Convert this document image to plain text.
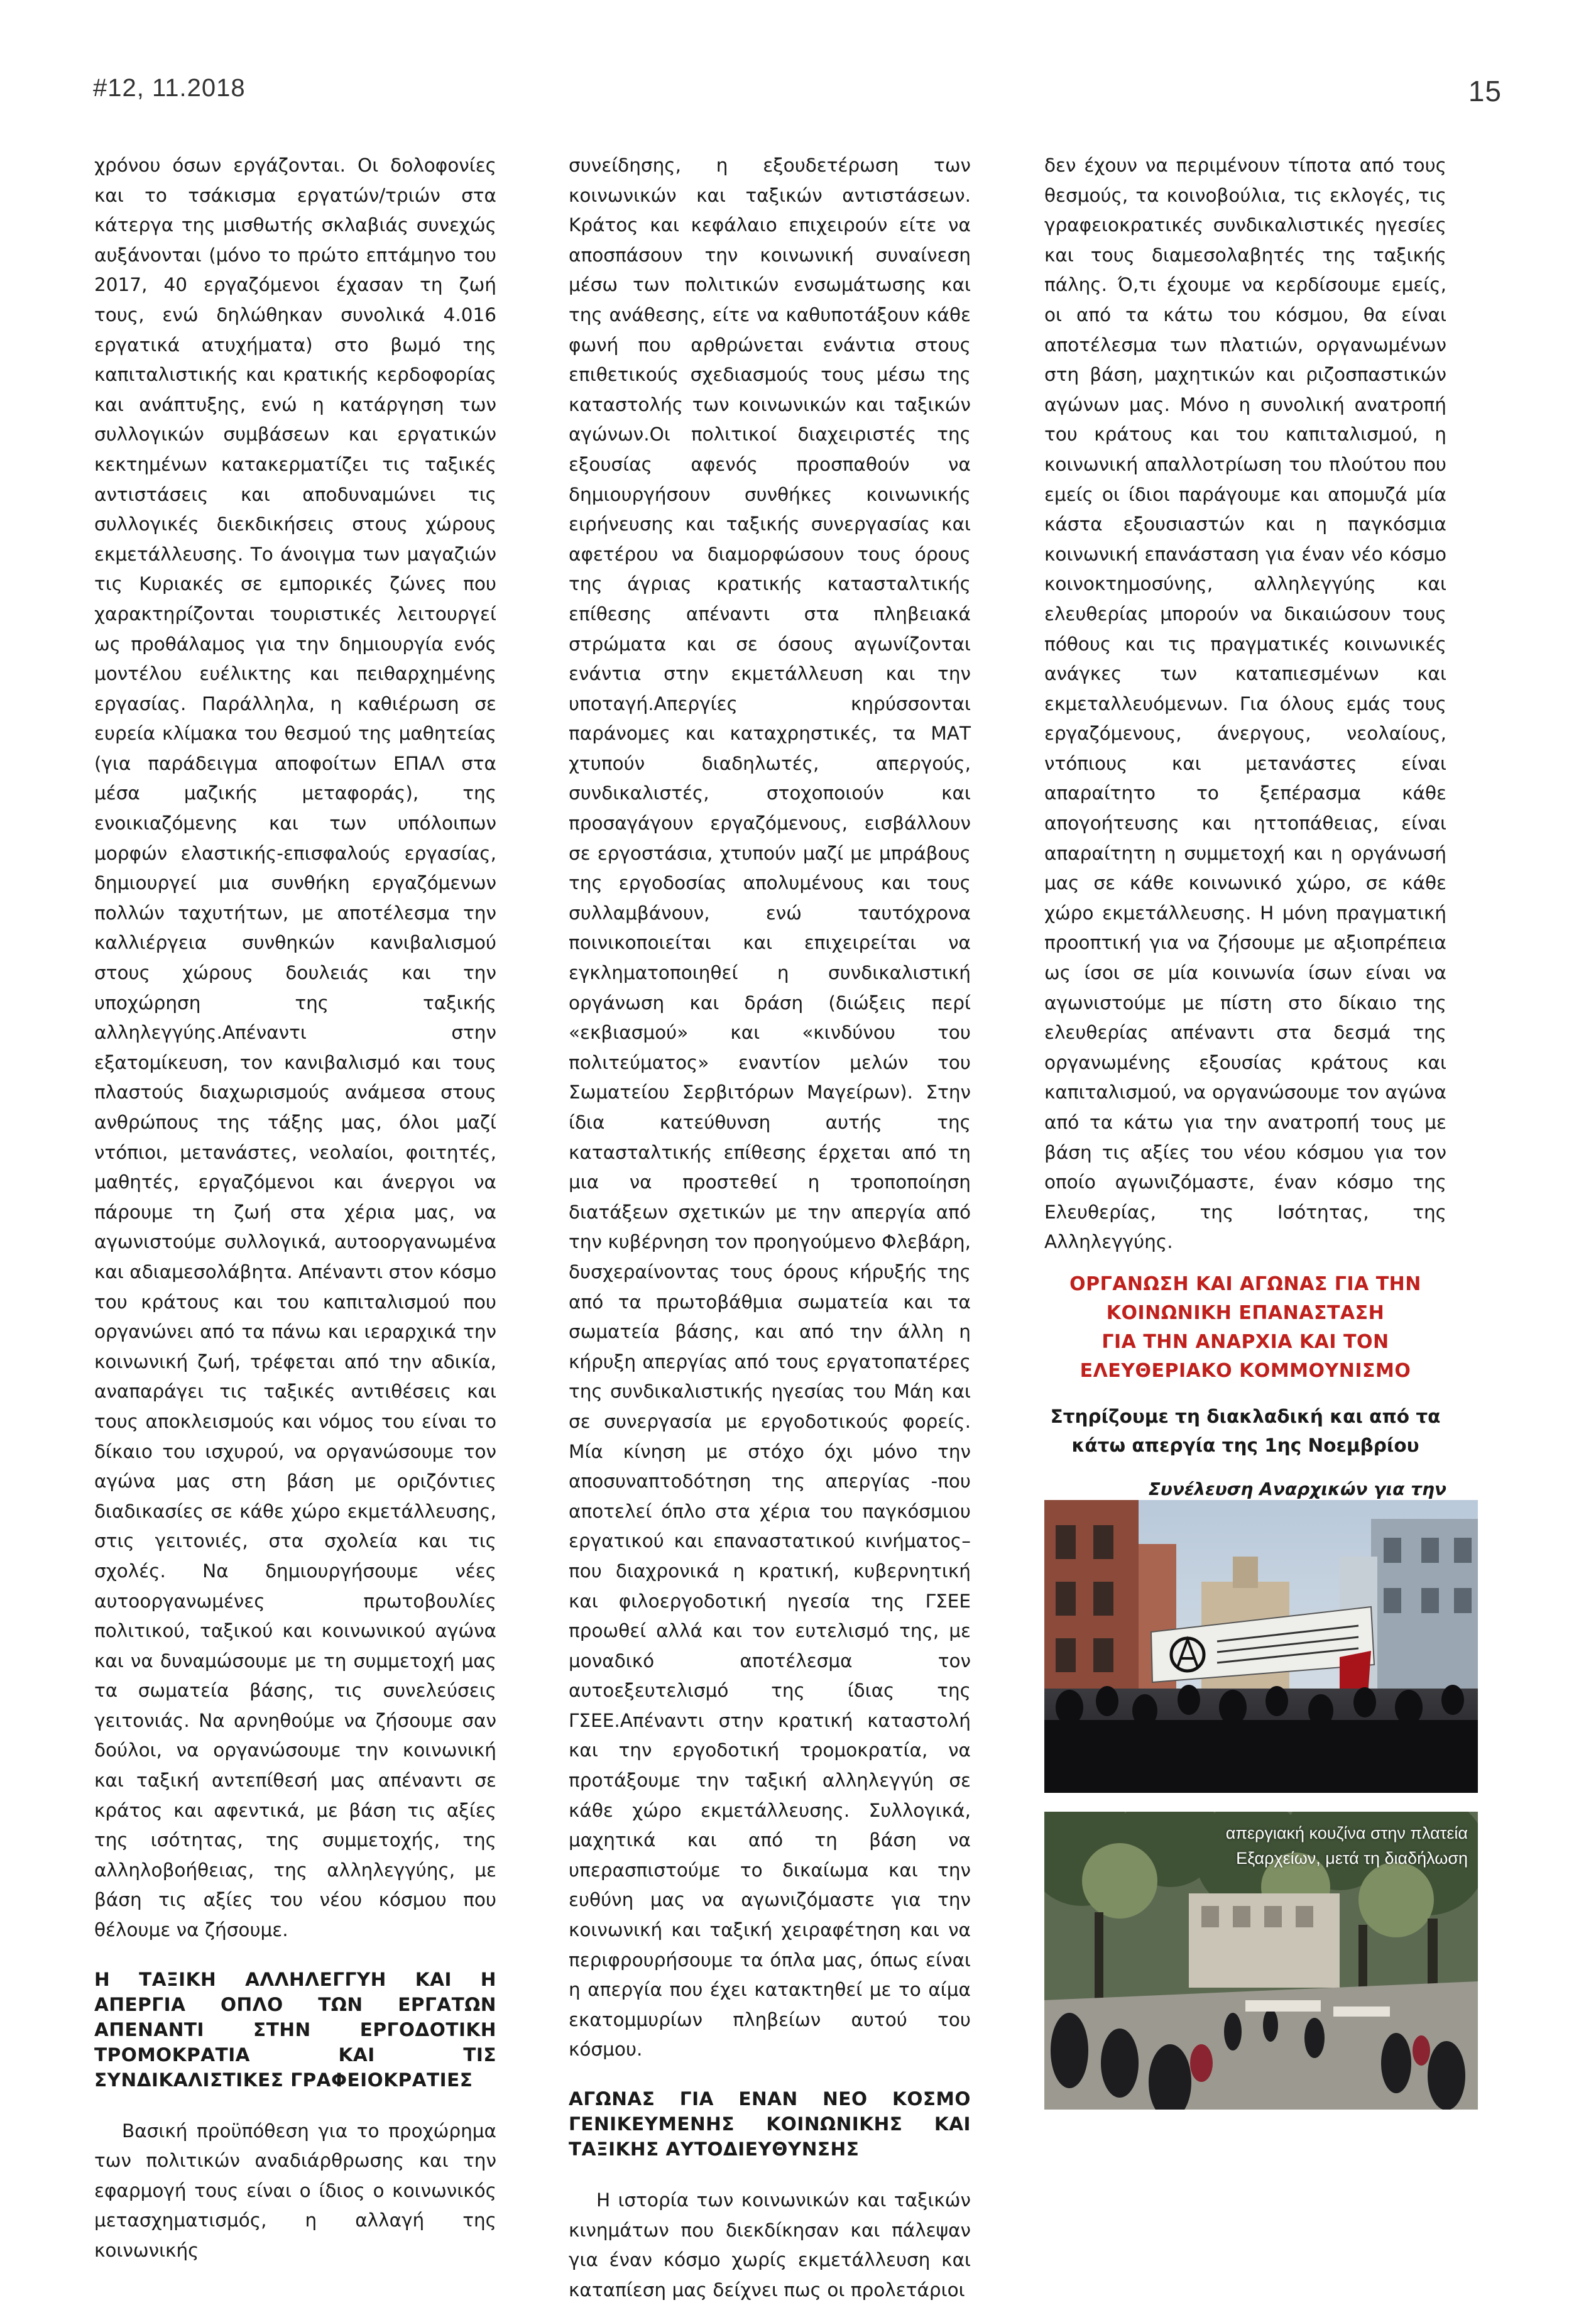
#12, 11.2018	15

χρόνου όσων εργάζονται. Οι δολοφονίες και το τσάκισμα εργατών/τριών στα κάτεργα της μισθωτής σκλαβιάς συνεχώς αυξάνονται (μόνο το πρώτο επτάμηνο του 2017, 40 εργαζόμενοι έχασαν τη ζωή τους, ενώ δηλώθηκαν συνολικά 4.016 εργατικά ατυχήματα) στο βωμό της καπιταλιστικής και κρατικής κερδοφορίας και ανάπτυξης, ενώ η κατάργηση των συλλογικών συμβάσεων και εργατικών κεκτημένων κατακερματίζει τις ταξικές αντιστάσεις και αποδυναμώνει τις συλλογικές διεκδικήσεις στους χώρους εκμετάλλευσης. Το άνοιγμα των μαγαζιών τις Κυριακές σε εμπορικές ζώνες που χαρακτηρίζονται τουριστικές λειτουργεί ως προθάλαμος για την δημιουργία ενός μοντέλου ευέλικτης και πειθαρχημένης εργασίας. Παράλληλα, η καθιέρωση σε ευρεία κλίμακα του θεσμού της μαθητείας (για παράδειγμα αποφοίτων ΕΠΑΛ στα μέσα μαζικής μεταφοράς), της ενοικιαζόμενης και των υπόλοιπων μορφών ελαστικής-επισφαλούς εργασίας, δημιουργεί μια συνθήκη εργαζόμενων πολλών ταχυτήτων, με αποτέλεσμα την καλλιέργεια συνθηκών κανιβαλισμού στους χώρους δουλειάς και την υποχώρηση της ταξικής αλληλεγγύης.Απέναντι στην εξατομίκευση, τον κανιβαλισμό και τους πλαστούς διαχωρισμούς ανάμεσα στους ανθρώπους της τάξης μας, όλοι μαζί ντόπιοι, μετανάστες, νεολαίοι, φοιτητές, μαθητές, εργαζόμενοι και άνεργοι να πάρουμε τη ζωή στα χέρια μας, να αγωνιστούμε συλλογικά, αυτοοργανωμένα και αδιαμεσολάβητα. Απέναντι στον κόσμο του κράτους και του καπιταλισμού που οργανώνει από τα πάνω και ιεραρχικά την κοινωνική ζωή, τρέφεται από την αδικία, αναπαράγει τις ταξικές αντιθέσεις και τους αποκλεισμούς και νόμος του είναι το δίκαιο του ισχυρού, να οργανώσουμε τον αγώνα μας στη βάση με οριζόντιες διαδικασίες σε κάθε χώρο εκμετάλλευσης, στις γειτονιές, στα σχολεία και τις σχολές. Να δημιουργήσουμε νέες αυτοοργανωμένες πρωτοβουλίες πολιτικού, ταξικού και κοινωνικού αγώνα και να δυναμώσουμε με τη συμμετοχή μας τα σωματεία βάσης, τις συνελεύσεις γειτονιάς. Να αρνηθούμε να ζήσουμε σαν δούλοι, να οργανώσουμε την κοινωνική και ταξική αντεπίθεσή μας απέναντι σε κράτος και αφεντικά, με βάση τις αξίες της ισότητας, της συμμετοχής, της αλληλοβοήθειας, της αλληλεγγύης, με βάση τις αξίες του νέου κόσμου που θέλουμε να ζήσουμε.

Η ΤΑΞΙΚΗ ΑΛΛΗΛΕΓΓΥΗ ΚΑΙ Η ΑΠΕΡΓΙΑ ΟΠΛΟ ΤΩΝ ΕΡΓΑΤΩΝ ΑΠΕΝΑΝΤΙ ΣΤΗΝ ΕΡΓΟΔΟΤΙΚΗ ΤΡΟΜΟΚΡΑΤΙΑ ΚΑΙ ΤΙΣ ΣΥΝΔΙΚΑΛΙΣΤΙΚΕΣ ΓΡΑΦΕΙΟΚΡΑΤΙΕΣ

Βασική προϋπόθεση για το προχώρημα των πολιτικών αναδιάρθρωσης και την εφαρμογή τους είναι ο ίδιος ο κοινωνικός μετασχηματισμός, η αλλαγή της κοινωνικής

συνείδησης, η εξουδετέρωση των κοινωνικών και ταξικών αντιστάσεων. Κράτος και κεφάλαιο επιχειρούν είτε να αποσπάσουν την κοινωνική συναίνεση μέσω των πολιτικών ενσωμάτωσης και της ανάθεσης, είτε να καθυποτάξουν κάθε φωνή που αρθρώνεται ενάντια στους επιθετικούς σχεδιασμούς τους μέσω της καταστολής των κοινωνικών και ταξικών αγώνων.Οι πολιτικοί διαχειριστές της εξουσίας αφενός προσπαθούν να δημιουργήσουν συνθήκες κοινωνικής ειρήνευσης και ταξικής συνεργασίας και αφετέρου να διαμορφώσουν τους όρους της άγριας κρατικής κατασταλτικής επίθεσης απέναντι στα πληβειακά στρώματα και σε όσους αγωνίζονται ενάντια στην εκμετάλλευση και την υποταγή.Απεργίες κηρύσσονται παράνομες και καταχρηστικές, τα ΜΑΤ χτυπούν διαδηλωτές, απεργούς, συνδικαλιστές, στοχοποιούν και προσαγάγουν εργαζόμενους, εισβάλλουν σε εργοστάσια, χτυπούν μαζί με μπράβους της εργοδοσίας απολυμένους και τους συλλαμβάνουν, ενώ ταυτόχρονα ποινικοποιείται και επιχειρείται να εγκληματοποιηθεί η συνδικαλιστική οργάνωση και δράση (διώξεις περί «εκβιασμού» και «κινδύνου του πολιτεύματος» εναντίον μελών του Σωματείου Σερβιτόρων Μαγείρων). Στην ίδια κατεύθυνση αυτής της κατασταλτικής επίθεσης έρχεται από τη μια να προστεθεί η τροποποίηση διατάξεων σχετικών με την απεργία από την κυβέρνηση τον προηγούμενο Φλεβάρη, δυσχεραίνοντας τους όρους κήρυξής της από τα πρωτοβάθμια σωματεία και τα σωματεία βάσης, και από την άλλη η κήρυξη απεργίας από τους εργατοπατέρες της συνδικαλιστικής ηγεσίας του Μάη και σε συνεργασία με εργοδοτικούς φορείς. Μία κίνηση με στόχο όχι μόνο την αποσυναπτοδότηση της απεργίας -που αποτελεί όπλο στα χέρια του παγκόσμιου εργατικού και επαναστατικού κινήματος– που διαχρονικά η κρατική, κυβερνητική και φιλοεργοδοτική ηγεσία της ΓΣΕΕ προωθεί αλλά και τον ευτελισμό της, με μοναδικό αποτέλεσμα τον αυτοεξευτελισμό της ίδιας της ΓΣΕΕ.Απέναντι στην κρατική καταστολή και την εργοδοτική τρομοκρατία, να προτάξουμε την ταξική αλληλεγγύη σε κάθε χώρο εκμετάλλευσης. Συλλογικά, μαχητικά και από τη βάση να υπερασπιστούμε το δικαίωμα και την ευθύνη μας να αγωνιζόμαστε για την κοινωνική και ταξική χειραφέτηση και να περιφρουρήσουμε τα όπλα μας, όπως είναι η απεργία που έχει κατακτηθεί με το αίμα εκατομμυρίων πληβείων αυτού του κόσμου.

ΑΓΩΝΑΣ ΓΙΑ ΕΝΑΝ ΝΕΟ ΚΟΣΜΟ ΓΕΝΙΚΕΥΜΕΝΗΣ ΚΟΙΝΩΝΙΚΗΣ ΚΑΙ ΤΑΞΙΚΗΣ ΑΥΤΟΔΙΕΥΘΥΝΣΗΣ

Η ιστορία των κοινωνικών και ταξικών κινημάτων που διεκδίκησαν και πάλεψαν για έναν κόσμο χωρίς εκμετάλλευση και καταπίεση μας δείχνει πως οι προλετάριοι

δεν έχουν να περιμένουν τίποτα από τους θεσμούς, τα κοινοβούλια, τις εκλογές, τις γραφειοκρατικές συνδικαλιστικές ηγεσίες και τους διαμεσολαβητές της ταξικής πάλης. Ό,τι έχουμε να κερδίσουμε εμείς, οι από τα κάτω του κόσμου, θα είναι αποτέλεσμα των πλατιών, οργανωμένων στη βάση, μαχητικών και ριζοσπαστικών αγώνων μας. Μόνο η συνολική ανατροπή του κράτους και του καπιταλισμού, η κοινωνική απαλλοτρίωση του πλούτου που εμείς οι ίδιοι παράγουμε και απομυζά μία κάστα εξουσιαστών και η παγκόσμια κοινωνική επανάσταση για έναν νέο κόσμο κοινοκτημοσύνης, αλληλεγγύης και ελευθερίας μπορούν να δικαιώσουν τους πόθους και τις πραγματικές κοινωνικές ανάγκες των καταπιεσμένων και εκμεταλλευόμενων. Για όλους εμάς τους εργαζόμενους, άνεργους, νεολαίους, ντόπιους και μετανάστες είναι απαραίτητο το ξεπέρασμα κάθε απογοήτευσης και ηττοπάθειας, είναι απαραίτητη η συμμετοχή και η οργάνωσή μας σε κάθε κοινωνικό χώρο, σε κάθε χώρο εκμετάλλευσης. Η μόνη πραγματική προοπτική για να ζήσουμε με αξιοπρέπεια ως ίσοι σε μία κοινωνία ίσων είναι να αγωνιστούμε με πίστη στο δίκαιο της ελευθερίας απέναντι στα δεσμά της οργανωμένης εξουσίας κράτους και καπιταλισμού, να οργανώσουμε τον αγώνα από τα κάτω για την ανατροπή τους με βάση τις αξίες του νέου κόσμου για τον οποίο αγωνιζόμαστε, έναν κόσμο της Ελευθερίας, της Ισότητας, της Αλληλεγγύης.

ΟΡΓΑΝΩΣΗ ΚΑΙ ΑΓΩΝΑΣ ΓΙΑ ΤΗΝ
ΚΟΙΝΩΝΙΚΗ ΕΠΑΝΑΣΤΑΣΗ
ΓΙΑ ΤΗΝ ΑΝΑΡΧΙΑ ΚΑΙ ΤΟΝ
ΕΛΕΥΘΕΡΙΑΚΟ ΚΟΜΜΟΥΝΙΣΜΟ
Στηρίζουμε τη διακλαδική και από τα
κάτω απεργία της 1ης Νοεμβρίου
Συνέλευση Αναρχικών για την
απεργιακή κουζίνα στην πλατεία
Εξαρχείων, μετά τη διαδήλωση
